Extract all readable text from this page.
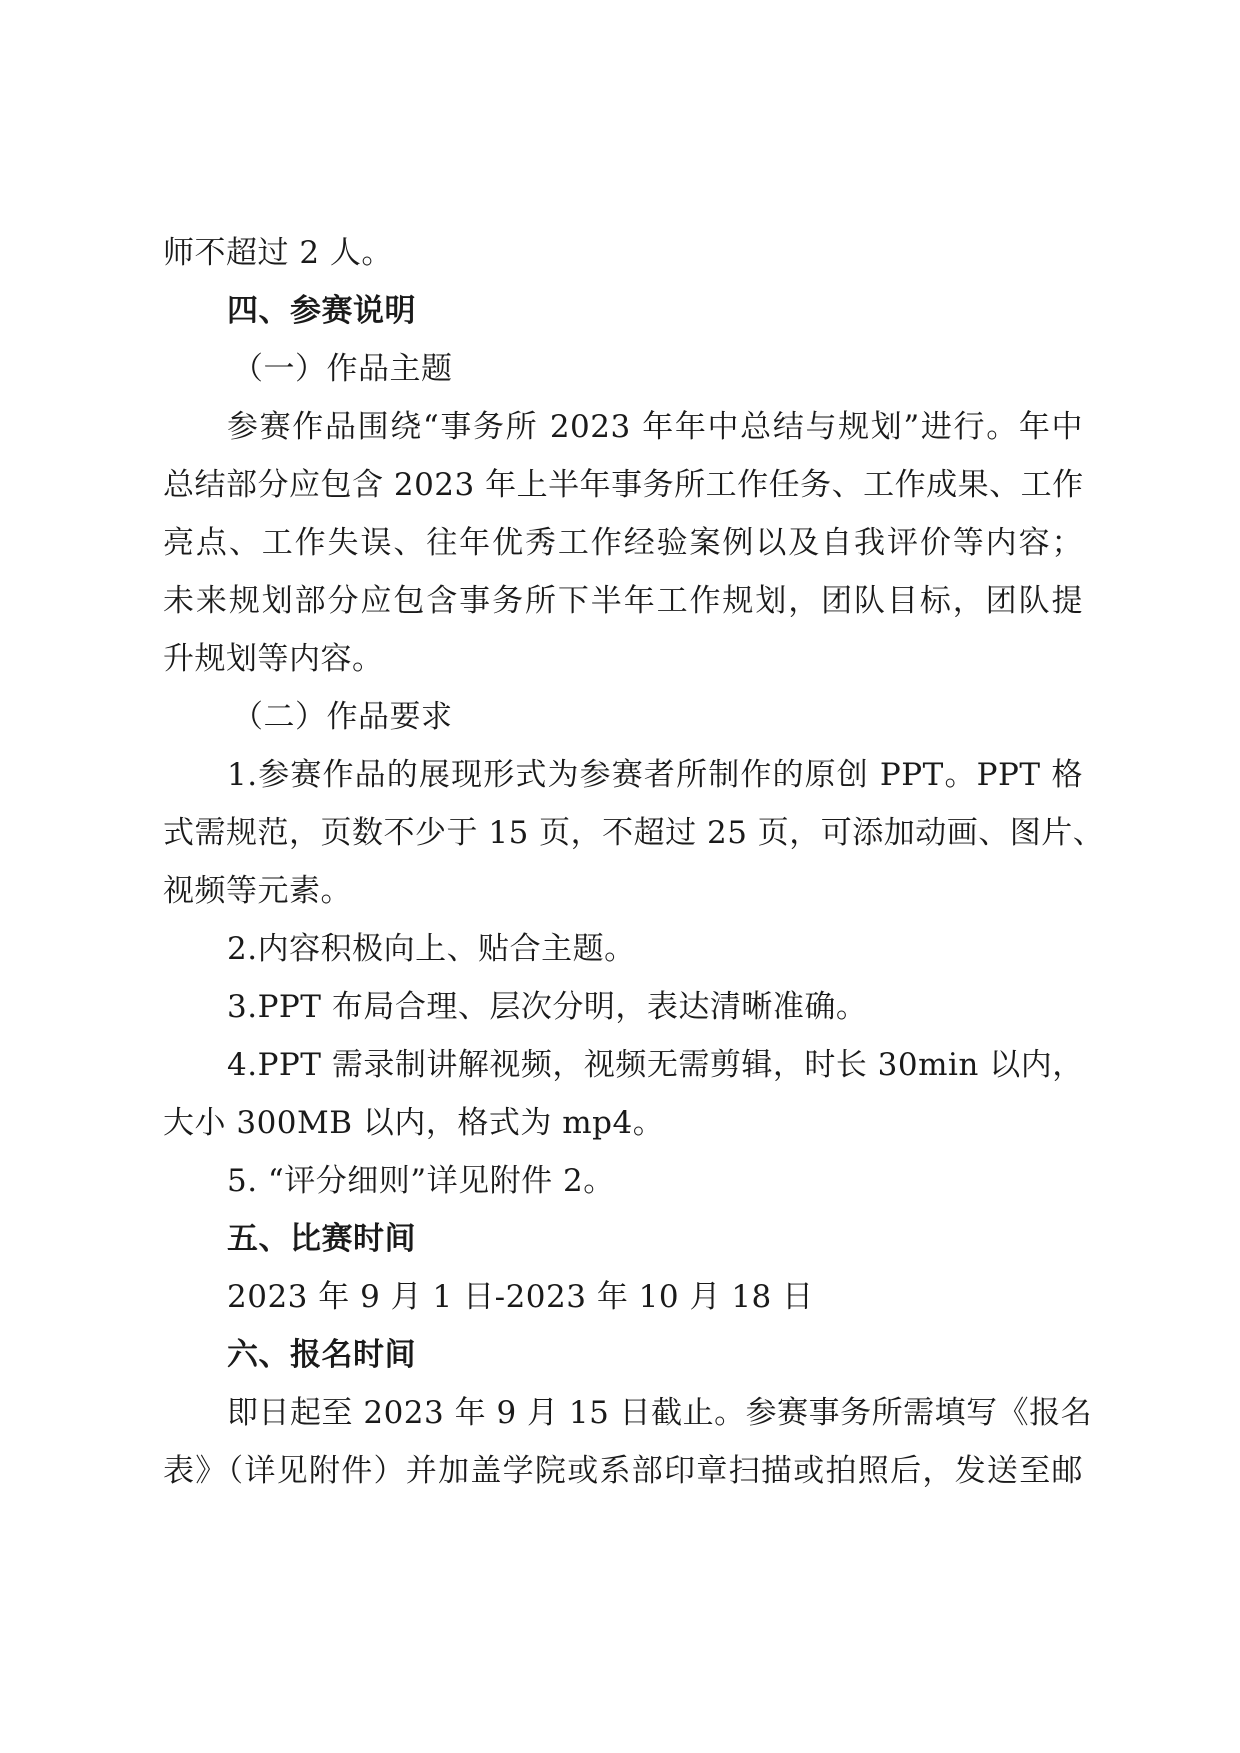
师不超过 2 人。
四、参赛说明
（一）作品主题
参赛作品围绕“事务所 2023 年年中总结与规划”进行。年中
总结部分应包含 2023 年上半年事务所工作任务、工作成果、工作
亮点、工作失误、往年优秀工作经验案例以及自我评价等内容；
未来规划部分应包含事务所下半年工作规划，团队目标，团队提
升规划等内容。
（二）作品要求
1.参赛作品的展现形式为参赛者所制作的原创 PPT。PPT 格
式需规范，页数不少于 15 页，不超过 25 页，可添加动画、图片、
视频等元素。
2.内容积极向上、贴合主题。
3.PPT 布局合理、层次分明，表达清晰准确。
4.PPT 需录制讲解视频，视频无需剪辑，时长 30min 以内，
大小 300MB 以内，格式为 mp4。
5. “评分细则”详见附件 2。
五、比赛时间
2023 年 9 月 1 日-2023 年 10 月 18 日
六、报名时间
即日起至 2023 年 9 月 15 日截止。参赛事务所需填写《报名
表》（详见附件）并加盖学院或系部印章扫描或拍照后，发送至邮
